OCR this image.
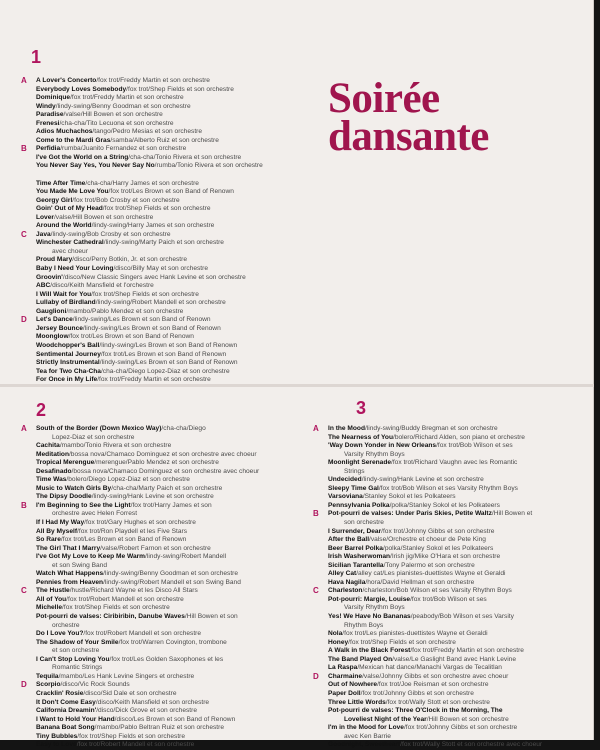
1
Soirée
dansante
A A Lover's Concerto/fox trot/Freddy Martin et son orchestre
Everybody Loves Somebody/fox trot/Shep Fields et son orchestre
Dominique/fox trot/Freddy Martin et son orchestre
Windy/lindy-swing/Benny Goodman et son orchestre
Paradise/valse/Hill Bowen et son orchestre
Frenesi/cha-cha/Tito Lecuona et son orchestre
Adios Muchachos/tango/Pedro Mesias et son orchestre
Come to the Mardi Gras/samba/Alberto Ruiz et son orchestre
B Perfidia/rumba/Juanito Fernandez et son orchestre
I've Got the World on a String/cha-cha/Tonio Rivera et son orchestre
You Never Say Yes, You Never Say No/rumba/Tonio Rivera et son orchestre
Time After Time/cha-cha/Harry James et son orchestre
You Made Me Love You/fox trot/Les Brown et son Band of Renown
Georgy Girl/fox trot/Bob Crosby et son orchestre
Goin' Out of My Head/fox trot/Shep Fields et son orchestre
Lover/valse/Hill Bowen et son orchestre
Around the World/lindy-swing/Harry James et son orchestre
C Java/lindy-swing/Bob Crosby et son orchestre
Winchester Cathedral/lindy-swing/Marty Paich et son orchestre
avec choeur
Proud Mary/disco/Perry Botkin, Jr. et son orchestre
Baby I Need Your Loving/disco/Billy May et son orchestre
Groovin'/disco/New Classic Singers avec Hank Levine et son orchestre
ABC/disco/Keith Mansfield et l'orchestre
I Will Wait for You/fox trot/Shep Fields et son orchestre
Lullaby of Birdland/lindy-swing/Robert Mandell et son orchestre
Gauglioni/mambo/Pablo Mendez et son orchestre
D Let's Dance/lindy-swing/Les Brown et son Band of Renown
Jersey Bounce/lindy-swing/Les Brown et son Band of Renown
Moonglow/fox trot/Les Brown et son Band of Renown
Woodchopper's Ball/lindy-swing/Les Brown et son Band of Renown
Sentimental Journey/fox trot/Les Brown et son Band of Renown
Strictly Instrumental/lindy-swing/Les Brown et son Band of Renown
Tea for Two Cha-Cha/cha-cha/Diego Lopez-Diaz et son orchestre
For Once in My Life/fox trot/Freddy Martin et son orchestre
2
A South of the Border (Down Mexico Way)/cha-cha/Diego
Lopez-Diaz et son orchestre
Cachita/mambo/Tonio Rivera et son orchestre
Meditation/bossa nova/Chamaco Dominguez et son orchestre avec choeur
Tropical Merengue/merengue/Pablo Mendez et son orchestre
Desafinado/bossa nova/Chamaco Dominguez et son orchestre avec choeur
Time Was/bolero/Diego Lopez-Diaz et son orchestre
Music to Watch Girls By/cha-cha/Marty Paich et son orchestre
The Dipsy Doodle/lindy-swing/Hank Levine et son orchestre
B I'm Beginning to See the Light/fox trot/Harry James et son
orchestre avec Helen Forrest
If I Had My Way/fox trot/Gary Hughes et son orchestre
All By Myself/fox trot/Ron Playdell et les Five Stars
So Rare/fox trot/Les Brown et son Band of Renown
The Girl That I Marry/valse/Robert Farnon et son orchestre
I've Got My Love to Keep Me Warm/lindy-swing/Robert Mandell
et son Swing Band
Watch What Happens/lindy-swing/Benny Goodman et son orchestre
Pennies from Heaven/lindy-swing/Robert Mandell et son Swing Band
C The Hustle/hustle/Richard Wayne et les Disco All Stars
All of You/fox trot/Robert Mandell et son orchestre
Michelle/fox trot/Shep Fields et son orchestre
Pot-pourri de valses: Ciribiribin, Danube Waves/Hill Bowen et son
orchestre
Do I Love You?/fox trot/Robert Mandell et son orchestre
The Shadow of Your Smile/fox trot/Warren Covington, trombone
et son orchestre
I Can't Stop Loving You/fox trot/Les Golden Saxophones et les
Romantic Strings
Tequila/mambo/Les Hank Levine Singers et orchestre
D Scorpio/disco/Vic Rock Sounds
Cracklin' Rosie/disco/Sid Dale et son orchestre
It Don't Come Easy/disco/Keith Mansfield et son orchestre
California Dreamin'/disco/Dick Grove et son orchestre
I Want to Hold Your Hand/disco/Les Brown et son Band of Renown
Banana Boat Song/mambo/Pablo Beltran Ruiz et son orchestre
Tiny Bubbles/fox trot/Shep Fields et son orchestre
Easy to Love/fox trot/Robert Mandell et son orchestre
3
A In the Mood/lindy-swing/Buddy Bregman et son orchestre
The Nearness of You/bolero/Richard Alden, son piano et orchestre
'Way Down Yonder in New Orleans/fox trot/Bob Wilson et ses
Varsity Rhythm Boys
Moonlight Serenade/fox trot/Richard Vaughn avec les Romantic
Strings
Undecided/lindy-swing/Hank Levine et son orchestre
Sleepy Time Gal/fox trot/Bob Wilson et ses Varsity Rhythm Boys
Varsoviana/Stanley Sokol et les Polkateers
Pennsylvania Polka/polka/Stanley Sokol et les Polkateers
B Pot-pourri de valses: Under Paris Skies, Petite Waltz/Hill Bowen et
son orchestre
I Surrender, Dear/fox trot/Johnny Gibbs et son orchestre
After the Ball/valse/Orchestre et choeur de Pete King
Beer Barrel Polka/polka/Stanley Sokol et les Polkateers
Irish Washerwoman/Irish jig/Mike O'Hara et son orchestre
Sicilian Tarantella/Tony Palermo et son orchestre
Alley Cat/alley cat/Les pianistes-duettistes Wayne et Geraldi
Hava Nagila/hora/David Hellman et son orchestre
C Charleston/charleston/Bob Wilson et ses Varsity Rhythm Boys
Pot-pourri: Margie, Louise/fox trot/Bob Wilson et ses
Varsity Rhythm Boys
Yes! We Have No Bananas/peabody/Bob Wilson et ses Varsity
Rhythm Boys
Nola/fox trot/Les pianistes-duettistes Wayne et Geraldi
Honey/fox trot/Shep Fields et son orchestre
A Walk in the Black Forest/fox trot/Freddy Martin et son orchestre
The Band Played On/valse/Le Gaslight Band avec Hank Levine
La Raspa/Mexican hat dance/Manachi Vargas de Tecalitlan
D Charmaine/valse/Johnny Gibbs et son orchestre avec choeur
Out of Nowhere/fox trot/Joe Reisman et son orchestre
Paper Doll/fox trot/Johnny Gibbs et son orchestre
Three Little Words/fox trot/Wally Stott et son orchestre
Pot-pourri de valses: Three O'Clock in the Morning, The
Loveliest Night of the Year/Hill Bowen et son orchestre
I'm in the Mood for Love/fox trot/Johnny Gibbs et son orchestre
avec Ken Barrie
Goodnight, Sweetheart/fox trot/Wally Stott et son orchestre avec choeur
